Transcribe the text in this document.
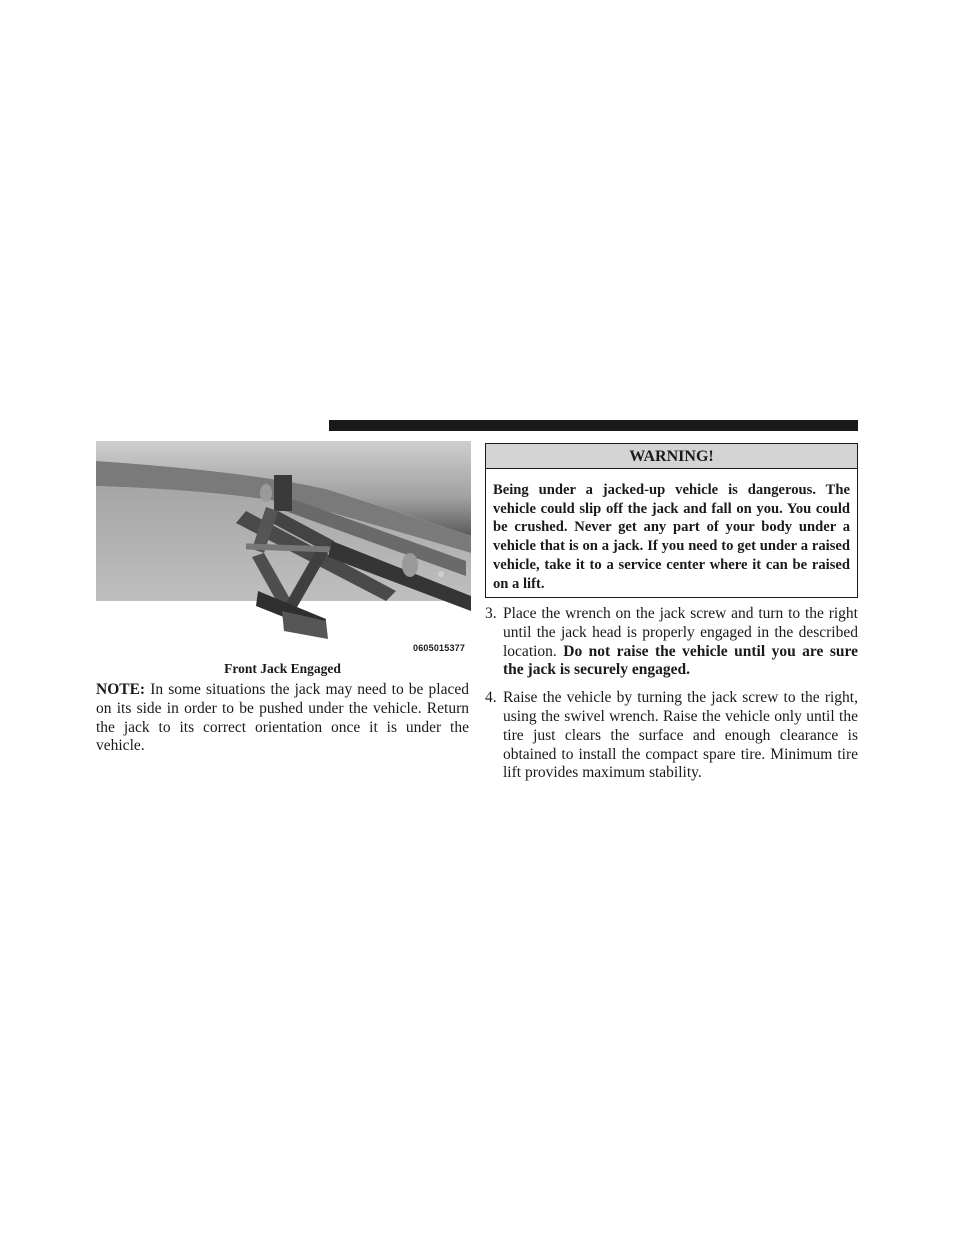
0605015377
Front Jack Engaged

NOTE: In some situations the jack may need to be placed on its side in order to be pushed under the vehicle. Return the jack to its correct orientation once it is under the vehicle.

WARNING!

Being under a jacked-up vehicle is dangerous. The vehicle could slip off the jack and fall on you. You could be crushed. Never get any part of your body under a vehicle that is on a jack. If you need to get under a raised vehicle, take it to a service center where it can be raised on a lift.

3. Place the wrench on the jack screw and turn to the right until the jack head is properly engaged in the described location. Do not raise the vehicle until you are sure the jack is securely engaged.

4. Raise the vehicle by turning the jack screw to the right, using the swivel wrench. Raise the vehicle only until the tire just clears the surface and enough clearance is obtained to install the compact spare tire. Minimum tire lift provides maximum stability.
